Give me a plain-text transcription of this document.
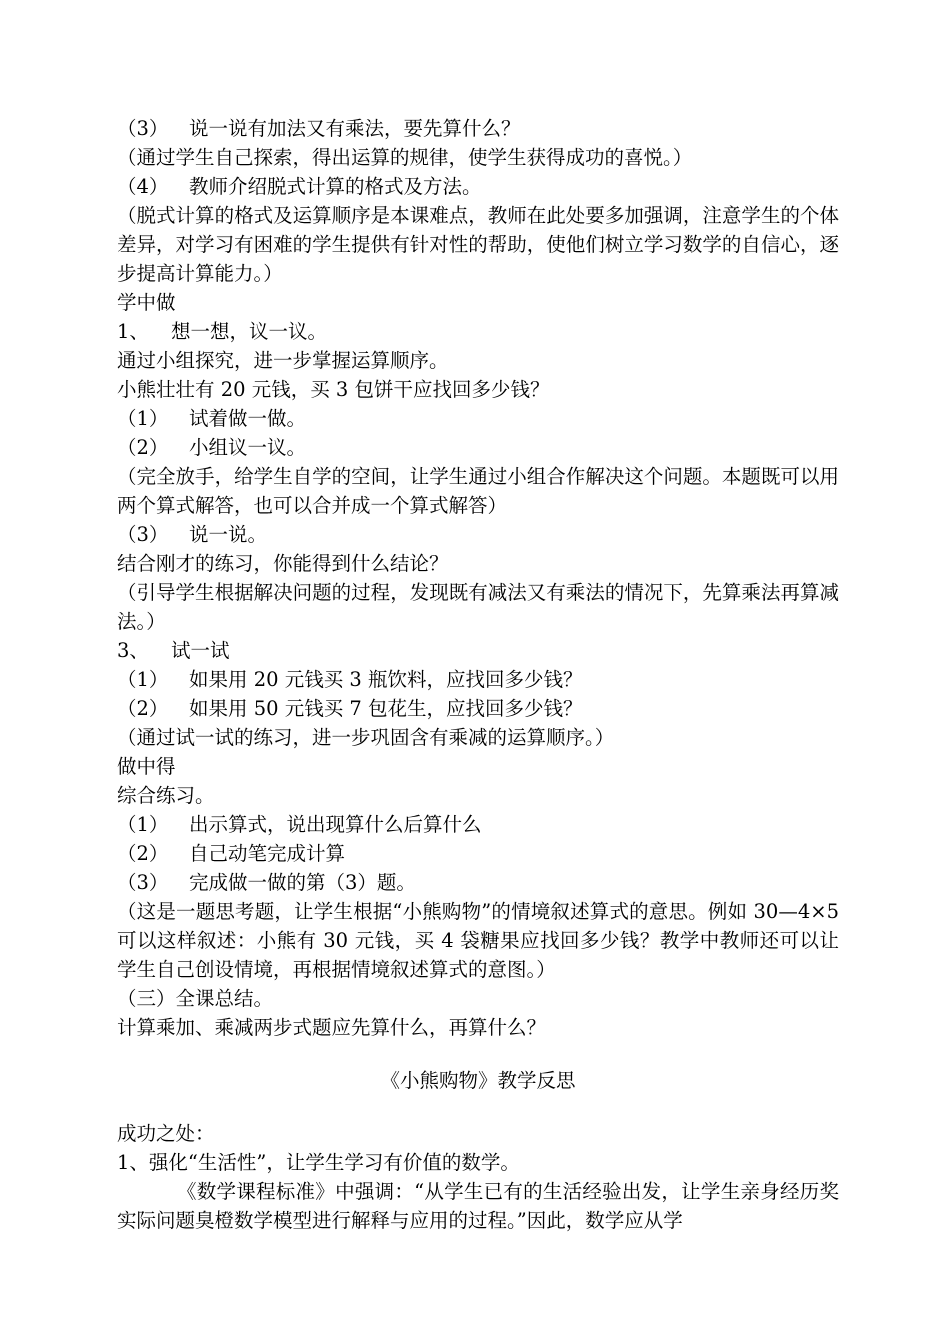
（3） 说一说有加法又有乘法，要先算什么？
（通过学生自己探索，得出运算的规律，使学生获得成功的喜悦。）
（4） 教师介绍脱式计算的格式及方法。
（脱式计算的格式及运算顺序是本课难点，教师在此处要多加强调，注意学生的个体差异，对学习有困难的学生提供有针对性的帮助，使他们树立学习数学的自信心，逐步提高计算能力。）
学中做
1、 想一想，议一议。
通过小组探究，进一步掌握运算顺序。
小熊壮壮有 20 元钱，买 3 包饼干应找回多少钱？
（1） 试着做一做。
（2） 小组议一议。
（完全放手，给学生自学的空间，让学生通过小组合作解决这个问题。本题既可以用两个算式解答，也可以合并成一个算式解答）
（3） 说一说。
结合刚才的练习，你能得到什么结论？
（引导学生根据解决问题的过程，发现既有减法又有乘法的情况下，先算乘法再算减法。）
3、 试一试
（1） 如果用 20 元钱买 3 瓶饮料，应找回多少钱？
（2） 如果用 50 元钱买 7 包花生，应找回多少钱？
（通过试一试的练习，进一步巩固含有乘减的运算顺序。）
做中得
综合练习。
（1） 出示算式，说出现算什么后算什么
（2） 自己动笔完成计算
（3） 完成做一做的第（3）题。
（这是一题思考题，让学生根据“小熊购物”的情境叙述算式的意思。例如 30—4×5 可以这样叙述：小熊有 30 元钱，买 4 袋糖果应找回多少钱？教学中教师还可以让学生自己创设情境，再根据情境叙述算式的意图。）
（三）全课总结。
计算乘加、乘减两步式题应先算什么，再算什么？
《小熊购物》教学反思
成功之处：
1、强化“生活性”，让学生学习有价值的数学。
《数学课程标准》中强调：“从学生已有的生活经验出发，让学生亲身经历奖实际问题臭橙数学模型进行解释与应用的过程。”因此，数学应从学
